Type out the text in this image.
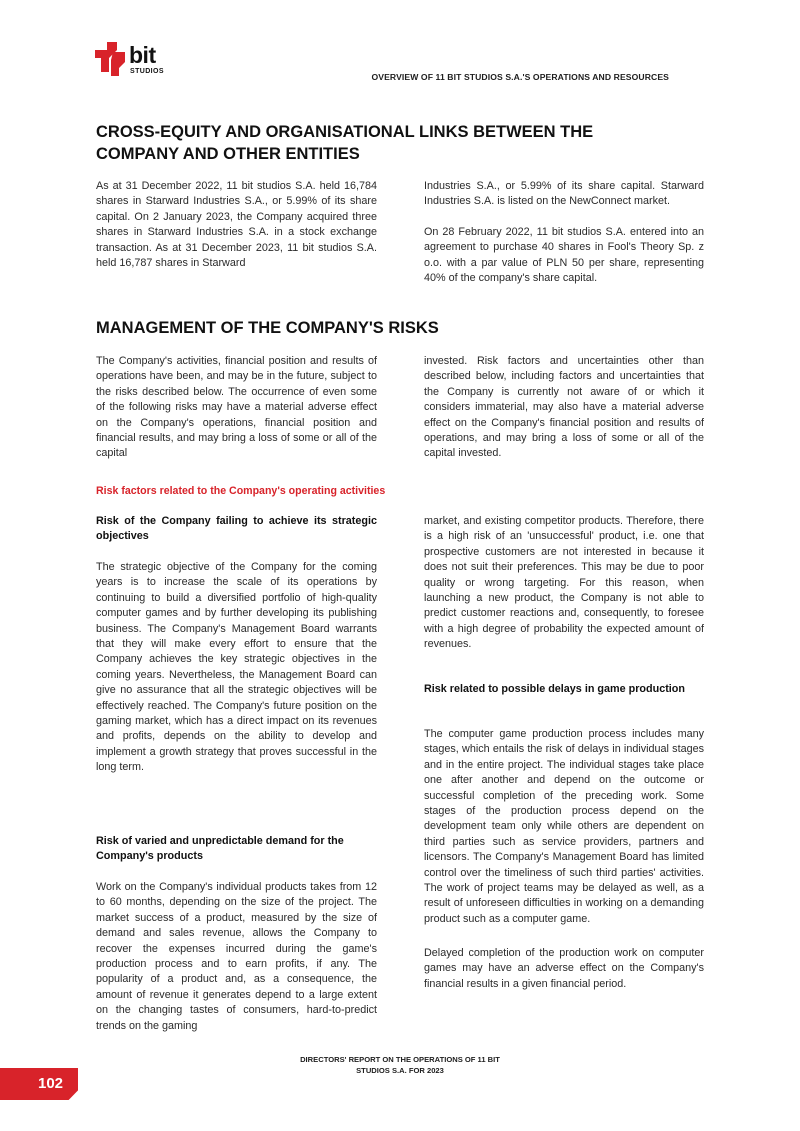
bit
STUDIOS
OVERVIEW OF 11 BIT STUDIOS S.A.'S OPERATIONS AND RESOURCES
CROSS-EQUITY AND ORGANISATIONAL LINKS BETWEEN THE COMPANY AND OTHER ENTITIES

As at 31 December 2022, 11 bit studios S.A. held 16,784 shares in Starward Industries S.A., or 5.99% of its share capital. On 2 January 2023, the Company acquired three shares in Starward Industries S.A. in a stock exchange transaction. As at 31 December 2023, 11 bit studios S.A. held 16,787 shares in Starward

Industries S.A., or 5.99% of its share capital. Starward Industries S.A. is listed on the NewConnect market.

On 28 February 2022, 11 bit studios S.A. entered into an agreement to purchase 40 shares in Fool's Theory Sp. z o.o. with a par value of PLN 50 per share, representing 40% of the company's share capital.

MANAGEMENT OF THE COMPANY'S RISKS

The Company's activities, financial position and results of operations have been, and may be in the future, subject to the risks described below. The occurrence of even some of the following risks may have a material adverse effect on the Company's operations, financial position and financial results, and may bring a loss of some or all of the capital

invested. Risk factors and uncertainties other than described below, including factors and uncertainties that the Company is currently not aware of or which it considers immaterial, may also have a material adverse effect on the Company's financial position and results of operations, and may bring a loss of some or all of the capital invested.

Risk factors related to the Company's operating activities

Risk of the Company failing to achieve its strategic objectives

The strategic objective of the Company for the coming years is to increase the scale of its operations by continuing to build a diversified portfolio of high-quality computer games and by further developing its publishing business. The Company's Management Board warrants that they will make every effort to ensure that the Company achieves the key strategic objectives in the coming years. Nevertheless, the Management Board can give no assurance that all the strategic objectives will be effectively reached. The Company's future position on the gaming market, which has a direct impact on its revenues and profits, depends on the ability to develop and implement a growth strategy that proves successful in the long term.

Risk of varied and unpredictable demand for the Company's products

Work on the Company's individual products takes from 12 to 60 months, depending on the size of the project. The market success of a product, measured by the size of demand and sales revenue, allows the Company to recover the expenses incurred during the game's production process and to earn profits, if any. The popularity of a product and, as a consequence, the amount of revenue it generates depend to a large extent on the changing tastes of consumers, hard-to-predict trends on the gaming

market, and existing competitor products. Therefore, there is a high risk of an 'unsuccessful' product, i.e. one that prospective customers are not interested in because it does not suit their preferences. This may be due to poor quality or wrong targeting. For this reason, when launching a new product, the Company is not able to predict customer reactions and, consequently, to foresee with a high degree of probability the expected amount of revenues.

Risk related to possible delays in game production

The computer game production process includes many stages, which entails the risk of delays in individual stages and in the entire project. The individual stages take place one after another and depend on the outcome or successful completion of the preceding work. Some stages of the production process depend on the development team only while others are dependent on third parties such as service providers, partners and licensors. The Company's Management Board has limited control over the timeliness of such third parties' activities. The work of project teams may be delayed as well, as a result of unforeseen difficulties in working on a demanding product such as a computer game.

Delayed completion of the production work on computer games may have an adverse effect on the Company's financial results in a given financial period.

DIRECTORS' REPORT ON THE OPERATIONS OF 11 BIT
STUDIOS S.A. FOR 2023
102
